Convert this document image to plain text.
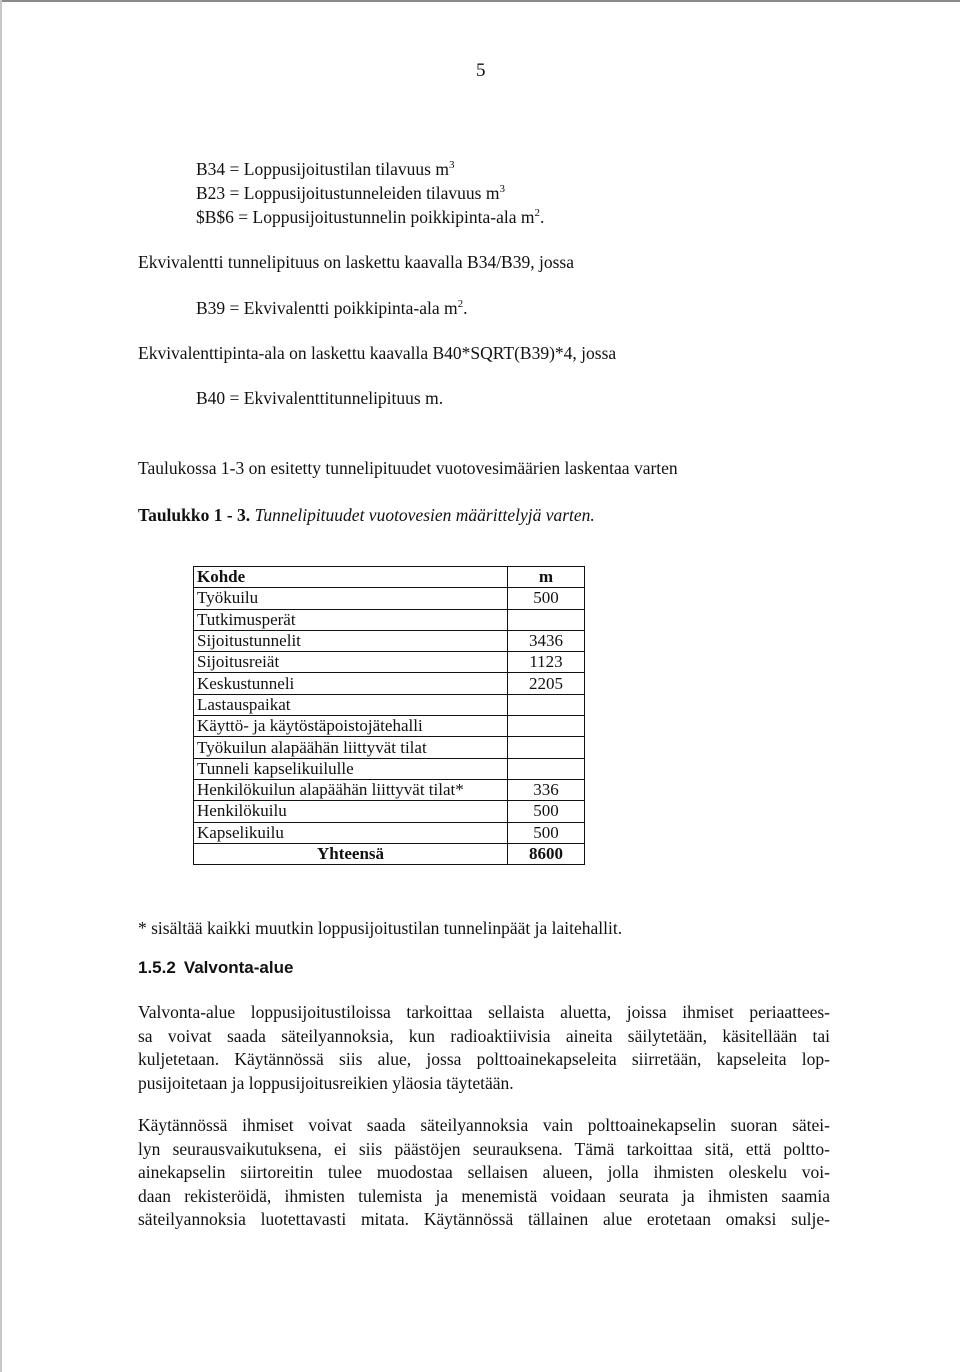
5
B34 = Loppusijoitustilan tilavuus $m^3$
B23 = Loppusijoitustunneleiden tilavuus $m^3$
$B$6 = Loppusijoitustunnelin poikkipinta-ala $m^2$.
Ekvivalentti tunnelipituus on laskettu kaavalla B34/B39, jossa
B39 = Ekvivalentti poikkipinta-ala $m^2$.
Ekvivalenttipinta-ala on laskettu kaavalla B40*SQRT(B39)*4, jossa
B40 = Ekvivalenttitunnelipituus m.
Taulukossa 1-3 on esitetty tunnelipituudet vuotovesimäärien laskentaa varten
Taulukko 1 - 3. Tunnelipituudet vuotovesien määrittelyjä varten.
Kohde	m
Työkuilu	500
Tutkimusperät	
Sijoitustunnelit	3436
Sijoitusreiät	1123
Keskustunneli	2205
Lastauspaikat	
Käyttö- ja käytöstäpoistojätehalli	
Työkuilun alapäähän liittyvät tilat	
Tunneli kapselikuilulle	
Henkilökuilun alapäähän liittyvät tilat*	336
Henkilökuilu	500
Kapselikuilu	500
Yhteensä	8600
* sisältää kaikki muutkin loppusijoitustilan tunnelinpäät ja laitehallit.
1.5.2 Valvonta-alue
Valvonta-alue loppusijoitustiloissa tarkoittaa sellaista aluetta, joissa ihmiset periaattees-
sa voivat saada säteilyannoksia, kun radioaktiivisia aineita säilytetään, käsitellään tai
kuljetetaan. Käytännössä siis alue, jossa polttoainekapseleita siirretään, kapseleita lop-
pusijoitetaan ja loppusijoitusreikien yläosia täytetään.
Käytännössä ihmiset voivat saada säteilyannoksia vain polttoainekapselin suoran sätei-
lyn seurausvaikutuksena, ei siis päästöjen seurauksena. Tämä tarkoittaa sitä, että poltto-
ainekapselin siirtoreitin tulee muodostaa sellaisen alueen, jolla ihmisten oleskelu voi-
daan rekisteröidä, ihmisten tulemista ja menemistä voidaan seurata ja ihmisten saamia
säteilyannoksia luotettavasti mitata. Käytännössä tällainen alue erotetaan omaksi sulje-
